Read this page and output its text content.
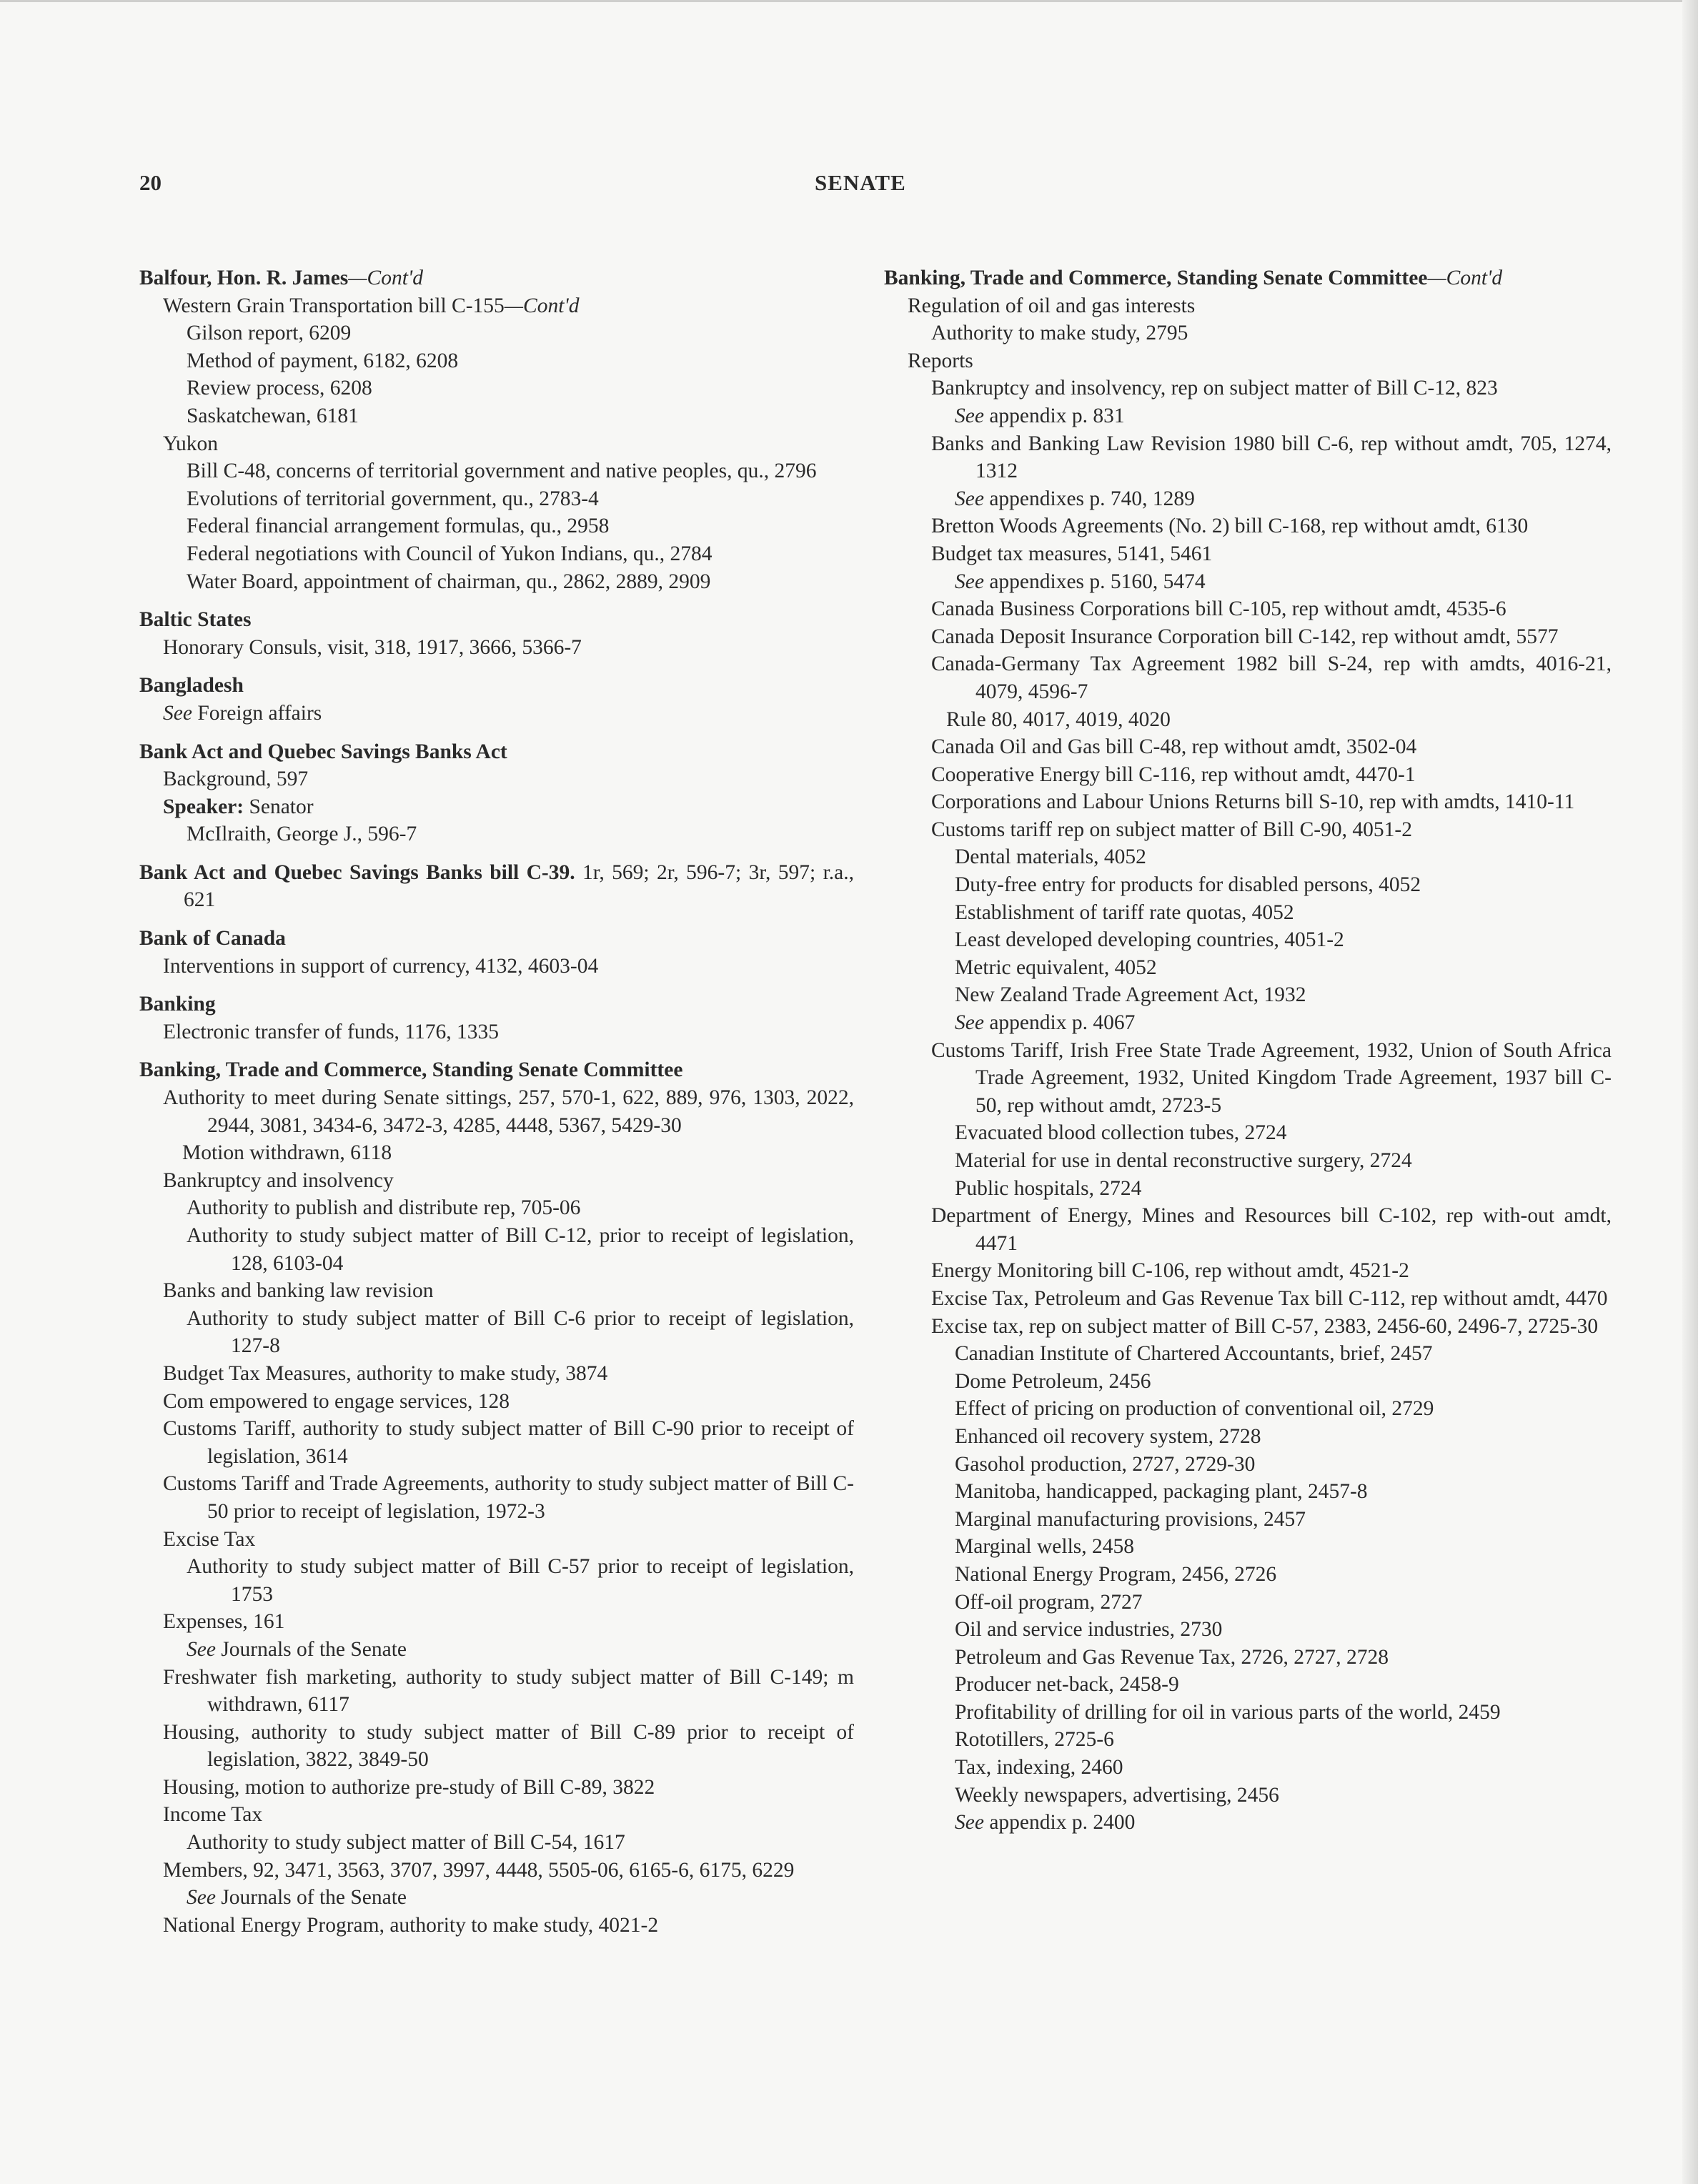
20	SENATE
Balfour, Hon. R. James—Cont'd
Western Grain Transportation bill C-155—Cont'd
Gilson report, 6209
Method of payment, 6182, 6208
Review process, 6208
Saskatchewan, 6181
Yukon
Bill C-48, concerns of territorial government and native peoples, qu., 2796
Evolutions of territorial government, qu., 2783-4
Federal financial arrangement formulas, qu., 2958
Federal negotiations with Council of Yukon Indians, qu., 2784
Water Board, appointment of chairman, qu., 2862, 2889, 2909
Baltic States
Honorary Consuls, visit, 318, 1917, 3666, 5366-7
Bangladesh
See Foreign affairs
Bank Act and Quebec Savings Banks Act
Background, 597
Speaker: Senator
McIlraith, George J., 596-7
Bank Act and Quebec Savings Banks bill C-39. 1r, 569; 2r, 596-7; 3r, 597; r.a., 621
Bank of Canada
Interventions in support of currency, 4132, 4603-04
Banking
Electronic transfer of funds, 1176, 1335
Banking, Trade and Commerce, Standing Senate Committee
Authority to meet during Senate sittings, 257, 570-1, 622, 889, 976, 1303, 2022, 2944, 3081, 3434-6, 3472-3, 4285, 4448, 5367, 5429-30
Motion withdrawn, 6118
Bankruptcy and insolvency
Authority to publish and distribute rep, 705-06
Authority to study subject matter of Bill C-12, prior to receipt of legislation, 128, 6103-04
Banks and banking law revision
Authority to study subject matter of Bill C-6 prior to receipt of legislation, 127-8
Budget Tax Measures, authority to make study, 3874
Com empowered to engage services, 128
Customs Tariff, authority to study subject matter of Bill C-90 prior to receipt of legislation, 3614
Customs Tariff and Trade Agreements, authority to study subject matter of Bill C-50 prior to receipt of legislation, 1972-3
Excise Tax
Authority to study subject matter of Bill C-57 prior to receipt of legislation, 1753
Expenses, 161
See Journals of the Senate
Freshwater fish marketing, authority to study subject matter of Bill C-149; m withdrawn, 6117
Housing, authority to study subject matter of Bill C-89 prior to receipt of legislation, 3822, 3849-50
Housing, motion to authorize pre-study of Bill C-89, 3822
Income Tax
Authority to study subject matter of Bill C-54, 1617
Members, 92, 3471, 3563, 3707, 3997, 4448, 5505-06, 6165-6, 6175, 6229
See Journals of the Senate
National Energy Program, authority to make study, 4021-2
Banking, Trade and Commerce, Standing Senate Committee—Cont'd
Regulation of oil and gas interests
Authority to make study, 2795
Reports
Bankruptcy and insolvency, rep on subject matter of Bill C-12, 823
See appendix p. 831
Banks and Banking Law Revision 1980 bill C-6, rep without amdt, 705, 1274, 1312
See appendixes p. 740, 1289
Bretton Woods Agreements (No. 2) bill C-168, rep without amdt, 6130
Budget tax measures, 5141, 5461
See appendixes p. 5160, 5474
Canada Business Corporations bill C-105, rep without amdt, 4535-6
Canada Deposit Insurance Corporation bill C-142, rep without amdt, 5577
Canada-Germany Tax Agreement 1982 bill S-24, rep with amdts, 4016-21, 4079, 4596-7
Rule 80, 4017, 4019, 4020
Canada Oil and Gas bill C-48, rep without amdt, 3502-04
Cooperative Energy bill C-116, rep without amdt, 4470-1
Corporations and Labour Unions Returns bill S-10, rep with amdts, 1410-11
Customs tariff rep on subject matter of Bill C-90, 4051-2
Dental materials, 4052
Duty-free entry for products for disabled persons, 4052
Establishment of tariff rate quotas, 4052
Least developed developing countries, 4051-2
Metric equivalent, 4052
New Zealand Trade Agreement Act, 1932
See appendix p. 4067
Customs Tariff, Irish Free State Trade Agreement, 1932, Union of South Africa Trade Agreement, 1932, United Kingdom Trade Agreement, 1937 bill C-50, rep without amdt, 2723-5
Evacuated blood collection tubes, 2724
Material for use in dental reconstructive surgery, 2724
Public hospitals, 2724
Department of Energy, Mines and Resources bill C-102, rep with-out amdt, 4471
Energy Monitoring bill C-106, rep without amdt, 4521-2
Excise Tax, Petroleum and Gas Revenue Tax bill C-112, rep without amdt, 4470
Excise tax, rep on subject matter of Bill C-57, 2383, 2456-60, 2496-7, 2725-30
Canadian Institute of Chartered Accountants, brief, 2457
Dome Petroleum, 2456
Effect of pricing on production of conventional oil, 2729
Enhanced oil recovery system, 2728
Gasohol production, 2727, 2729-30
Manitoba, handicapped, packaging plant, 2457-8
Marginal manufacturing provisions, 2457
Marginal wells, 2458
National Energy Program, 2456, 2726
Off-oil program, 2727
Oil and service industries, 2730
Petroleum and Gas Revenue Tax, 2726, 2727, 2728
Producer net-back, 2458-9
Profitability of drilling for oil in various parts of the world, 2459
Rototillers, 2725-6
Tax, indexing, 2460
Weekly newspapers, advertising, 2456
See appendix p. 2400
